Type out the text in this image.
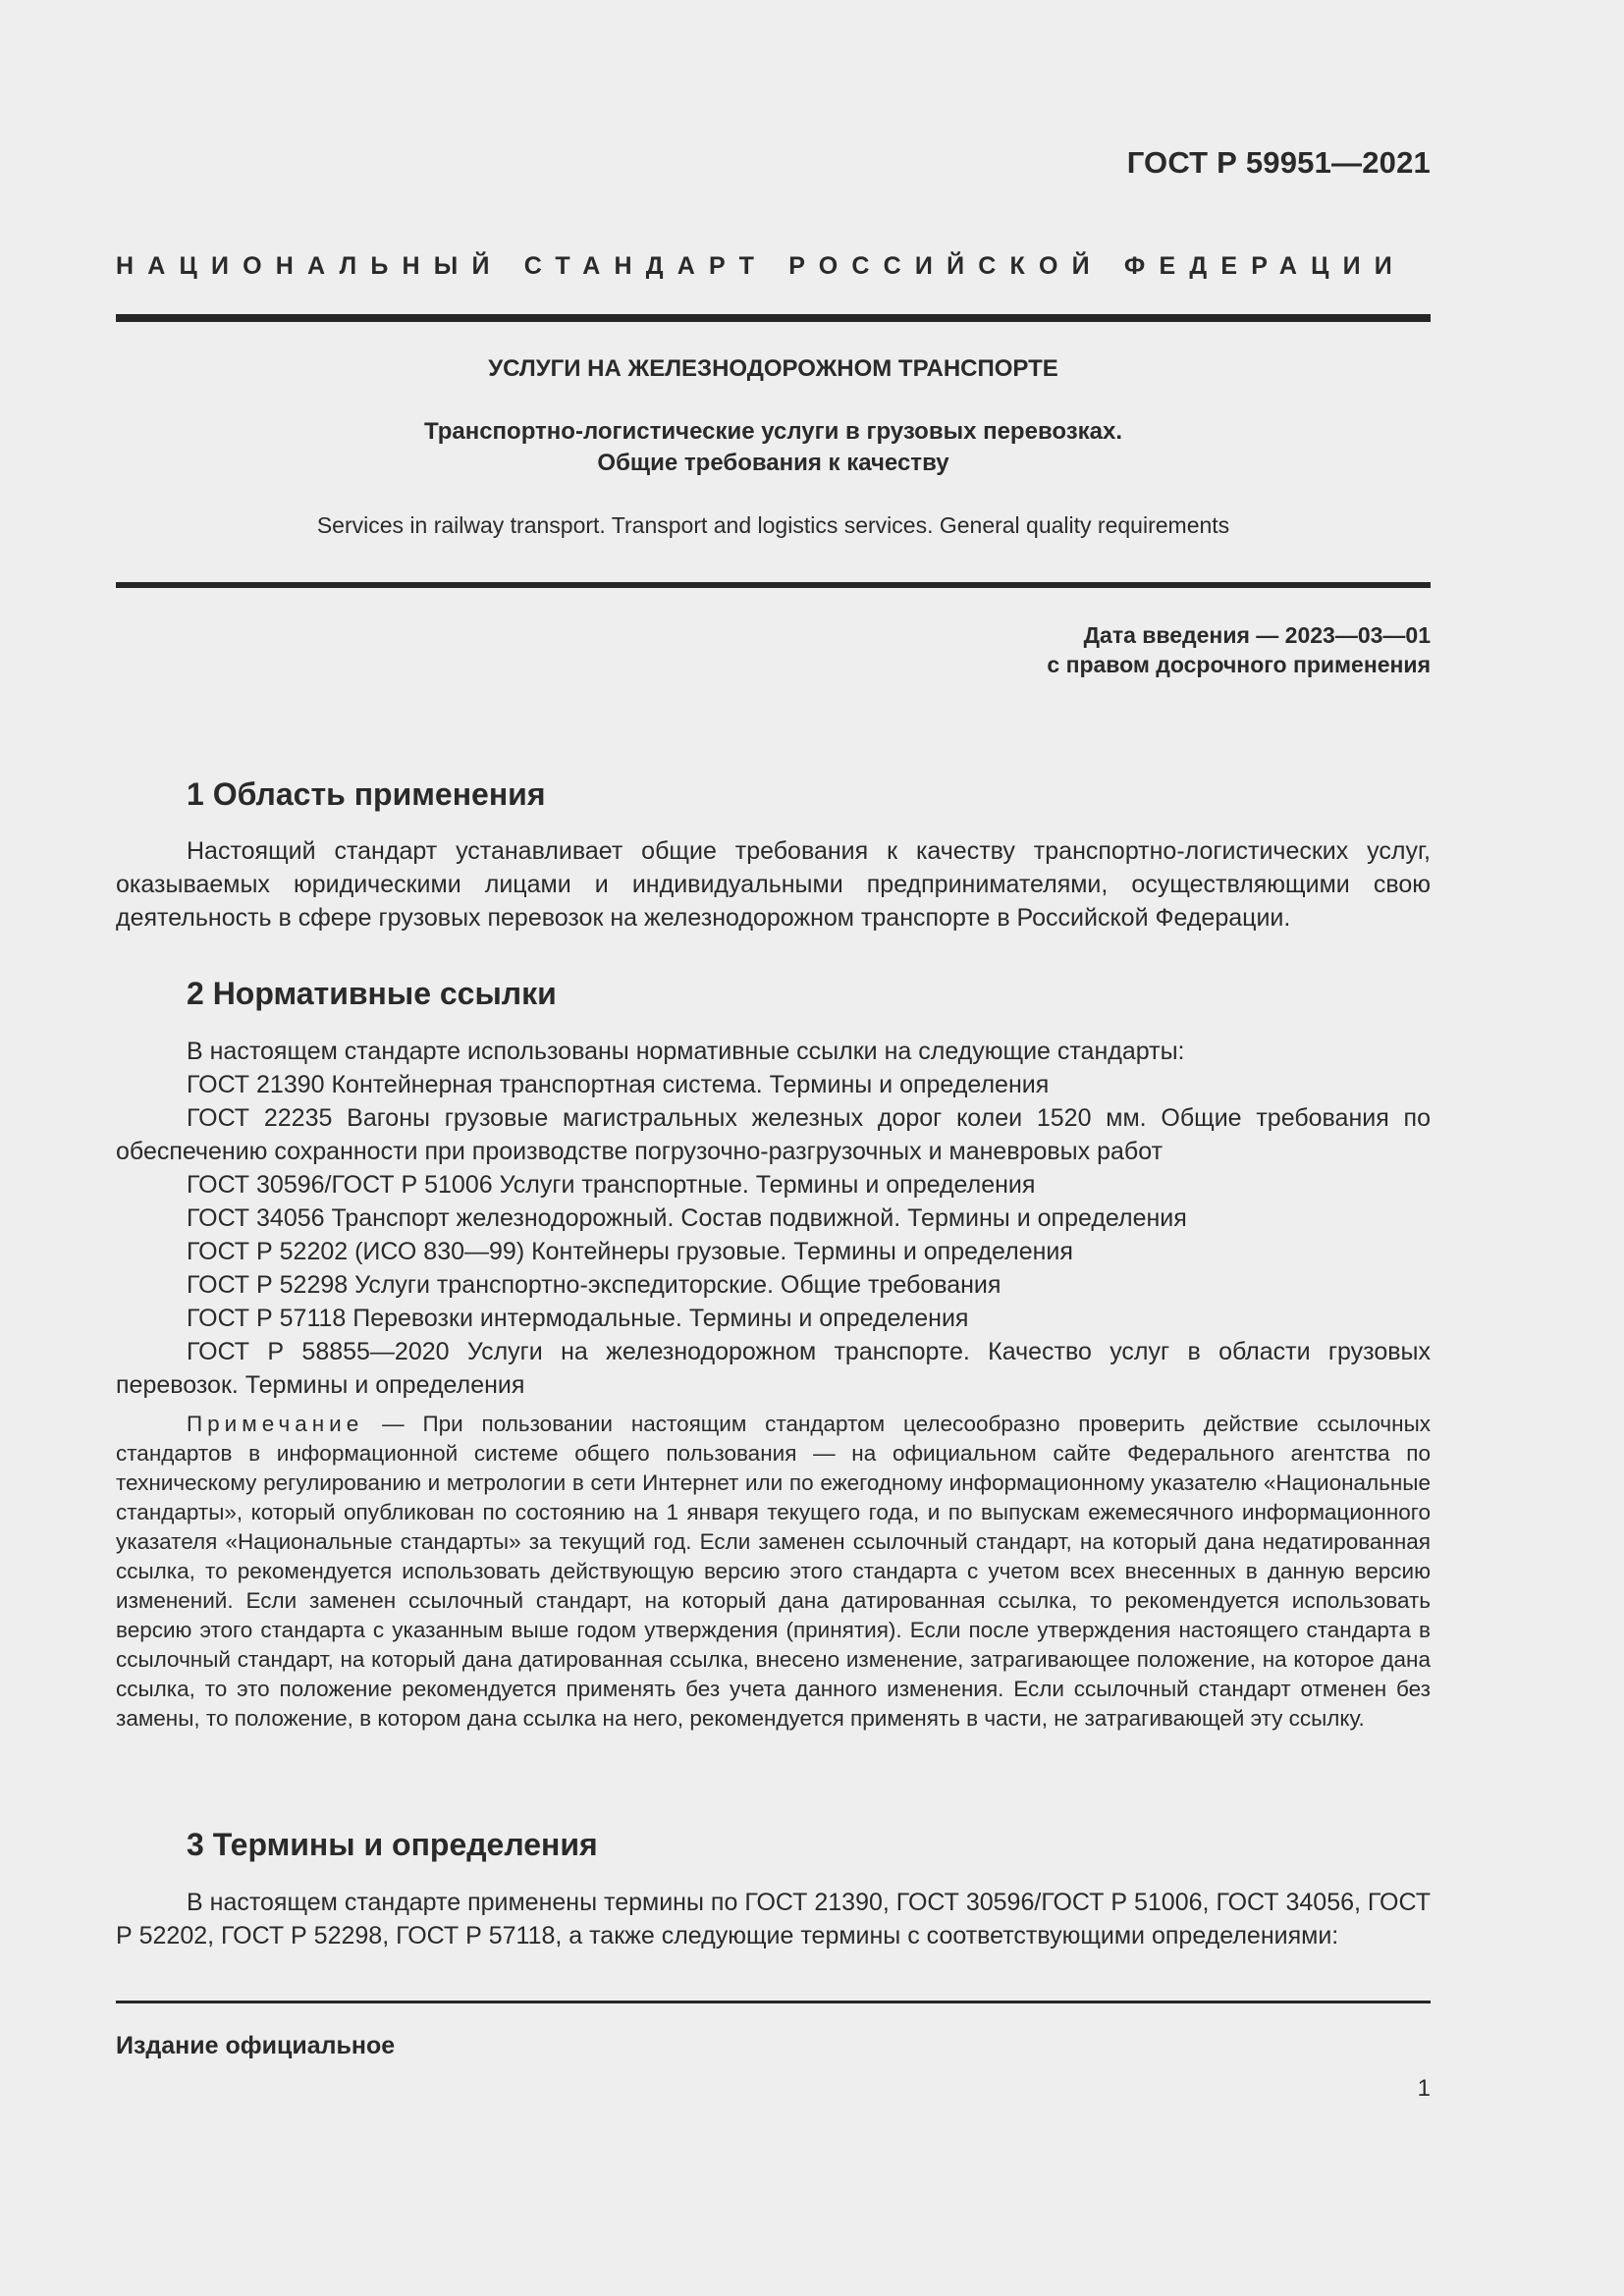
ГОСТ Р 59951—2021
НАЦИОНАЛЬНЫЙ СТАНДАРТ РОССИЙСКОЙ ФЕДЕРАЦИИ
УСЛУГИ НА ЖЕЛЕЗНОДОРОЖНОМ ТРАНСПОРТЕ
Транспортно-логистические услуги в грузовых перевозках.
Общие требования к качеству
Services in railway transport. Transport and logistics services. General quality requirements
Дата введения — 2023—03—01
с правом досрочного применения
1 Область применения

Настоящий стандарт устанавливает общие требования к качеству транспортно-логистических услуг, оказываемых юридическими лицами и индивидуальными предпринимателями, осуществляющими свою деятельность в сфере грузовых перевозок на железнодорожном транспорте в Российской Федерации.

2 Нормативные ссылки
В настоящем стандарте использованы нормативные ссылки на следующие стандарты:
ГОСТ 21390 Контейнерная транспортная система. Термины и определения
ГОСТ 22235 Вагоны грузовые магистральных железных дорог колеи 1520 мм. Общие требования по обеспечению сохранности при производстве погрузочно-разгрузочных и маневровых работ
ГОСТ 30596/ГОСТ Р 51006 Услуги транспортные. Термины и определения
ГОСТ 34056 Транспорт железнодорожный. Состав подвижной. Термины и определения
ГОСТ Р 52202 (ИСО 830—99) Контейнеры грузовые. Термины и определения
ГОСТ Р 52298 Услуги транспортно-экспедиторские. Общие требования
ГОСТ Р 57118 Перевозки интермодальные. Термины и определения
ГОСТ Р 58855—2020 Услуги на железнодорожном транспорте. Качество услуг в области грузовых перевозок. Термины и определения
Примечание — При пользовании настоящим стандартом целесообразно проверить действие ссылочных стандартов в информационной системе общего пользования — на официальном сайте Федерального агентства по техническому регулированию и метрологии в сети Интернет или по ежегодному информационному указателю «Национальные стандарты», который опубликован по состоянию на 1 января текущего года, и по выпускам ежемесячного информационного указателя «Национальные стандарты» за текущий год. Если заменен ссылочный стандарт, на который дана недатированная ссылка, то рекомендуется использовать действующую версию этого стандарта с учетом всех внесенных в данную версию изменений. Если заменен ссылочный стандарт, на который дана датированная ссылка, то рекомендуется использовать версию этого стандарта с указанным выше годом утверждения (принятия). Если после утверждения настоящего стандарта в ссылочный стандарт, на который дана датированная ссылка, внесено изменение, затрагивающее положение, на которое дана ссылка, то это положение рекомендуется применять без учета данного изменения. Если ссылочный стандарт отменен без замены, то положение, в котором дана ссылка на него, рекомендуется применять в части, не затрагивающей эту ссылку.
3 Термины и определения

В настоящем стандарте применены термины по ГОСТ 21390, ГОСТ 30596/ГОСТ Р 51006, ГОСТ 34056, ГОСТ Р 52202, ГОСТ Р 52298, ГОСТ Р 57118, а также следующие термины с соответствующими определениями:

Издание официальное
1
